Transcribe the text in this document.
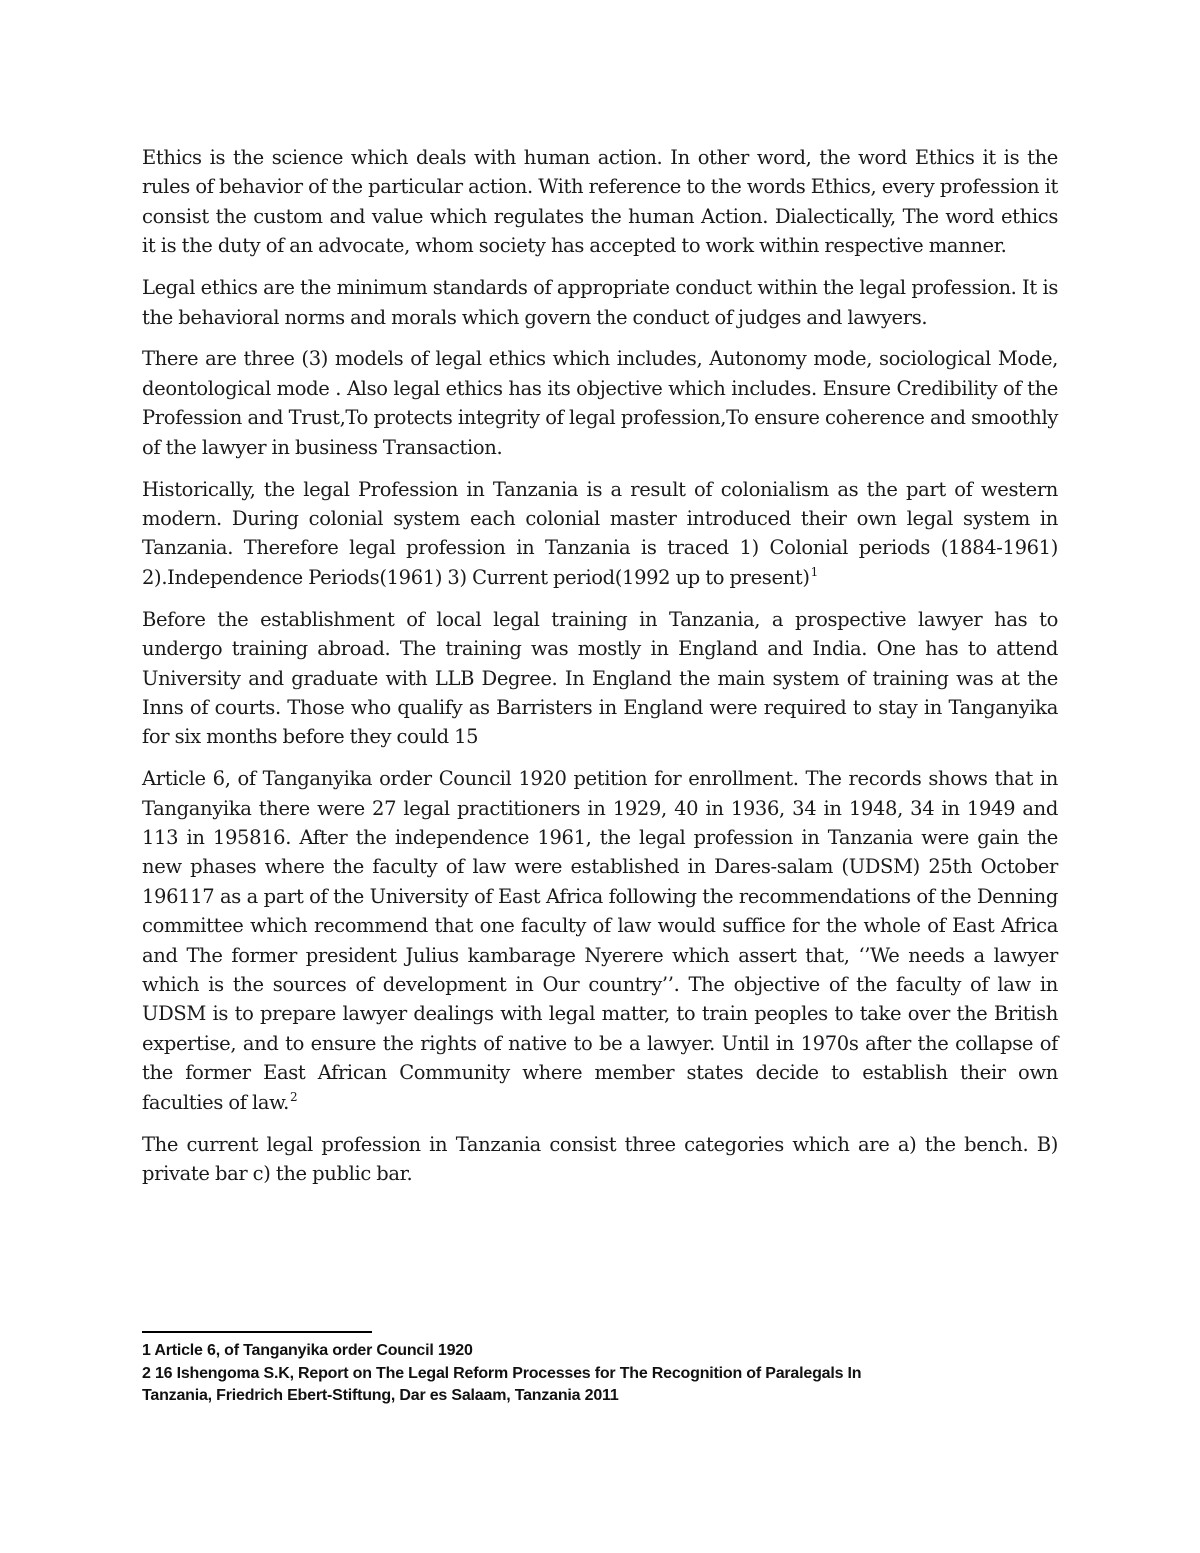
Ethics is the science which deals with human action. In other word, the word Ethics it is the rules of behavior of the particular action. With reference to the words Ethics, every profession it consist the custom and value which regulates the human Action. Dialectically, The word ethics it is the duty of an advocate, whom society has accepted to work within respective manner.

Legal ethics are the minimum standards of appropriate conduct within the legal profession. It is the behavioral norms and morals which govern the conduct of judges and lawyers.

There are three (3) models of legal ethics which includes, Autonomy mode, sociological Mode, deontological mode . Also legal ethics has its objective which includes. Ensure Credibility of the Profession and Trust,To protects integrity of legal profession,To ensure coherence and smoothly of the lawyer in business Transaction.

Historically, the legal Profession in Tanzania is a result of colonialism as the part of western modern. During colonial system each colonial master introduced their own legal system in Tanzania. Therefore legal profession in Tanzania is traced 1) Colonial periods (1884-1961) 2).Independence Periods(1961) 3) Current period(1992 up to present)$^1$

Before the establishment of local legal training in Tanzania, a prospective lawyer has to undergo training abroad. The training was mostly in England and India. One has to attend University and graduate with LLB Degree. In England the main system of training was at the Inns of courts. Those who qualify as Barristers in England were required to stay in Tanganyika for six months before they could 15

Article 6, of Tanganyika order Council 1920 petition for enrollment. The records shows that in Tanganyika there were 27 legal practitioners in 1929, 40 in 1936, 34 in 1948, 34 in 1949 and 113 in 195816. After the independence 1961, the legal profession in Tanzania were gain the new phases where the faculty of law were established in Dares-salam (UDSM) 25th October 196117 as a part of the University of East Africa following the recommendations of the Denning committee which recommend that one faculty of law would suffice for the whole of East Africa and The former president Julius kambarage Nyerere which assert that, ‘’We needs a lawyer which is the sources of development in Our country’’. The objective of the faculty of law in UDSM is to prepare lawyer dealings with legal matter, to train peoples to take over the British expertise, and to ensure the rights of native to be a lawyer. Until in 1970s after the collapse of the former East African Community where member states decide to establish their own faculties of law.$^2$

The current legal profession in Tanzania consist three categories which are a) the bench. B) private bar c) the public bar.

1 Article 6, of Tanganyika order Council 1920
2 16 Ishengoma S.K, Report on The Legal Reform Processes for The Recognition of Paralegals In
Tanzania, Friedrich Ebert-Stiftung, Dar es Salaam, Tanzania 2011
